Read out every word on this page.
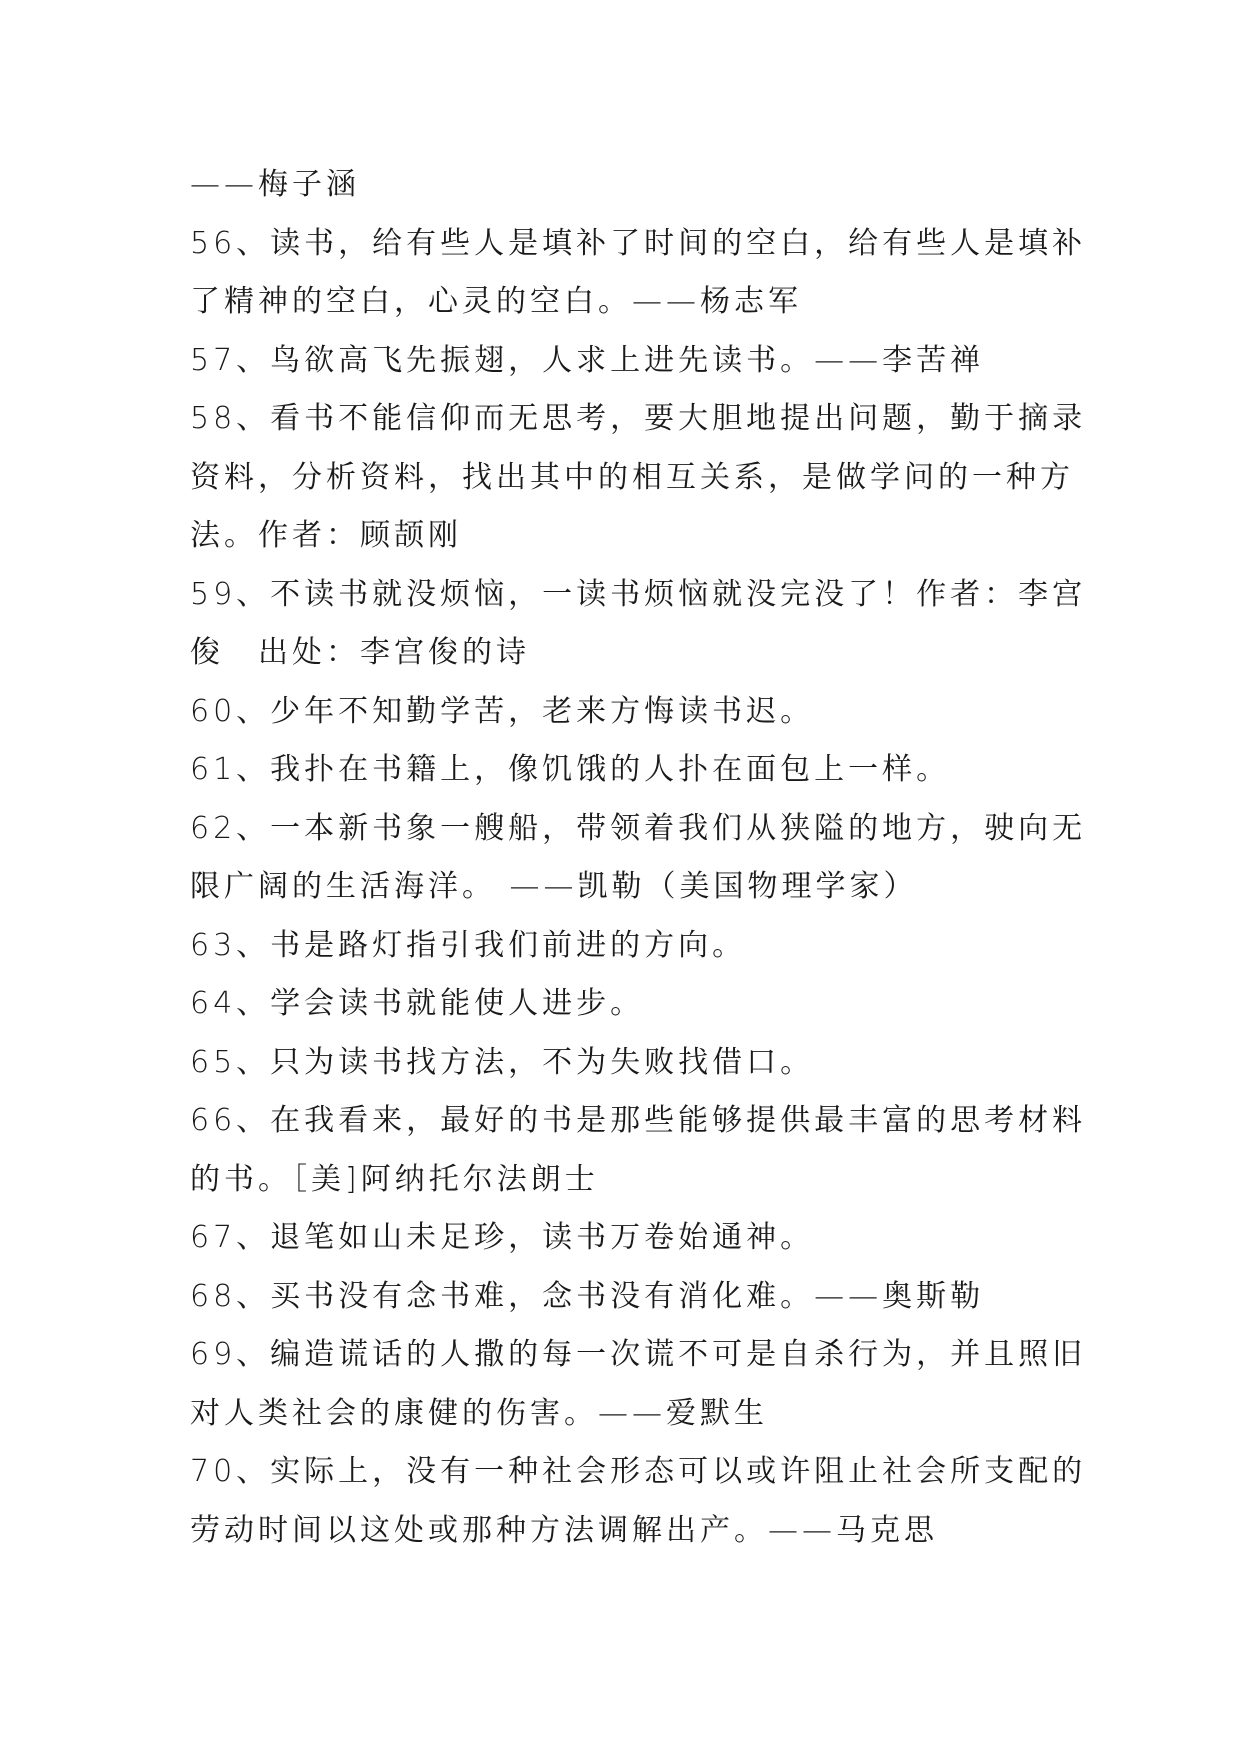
——梅子涵
56、读书，给有些人是填补了时间的空白，给有些人是填补
了精神的空白，心灵的空白。——杨志军
57、鸟欲高飞先振翅，人求上进先读书。——李苦禅
58、看书不能信仰而无思考，要大胆地提出问题，勤于摘录
资料，分析资料，找出其中的相互关系，是做学问的一种方
法。作者：顾颉刚
59、不读书就没烦恼，一读书烦恼就没完没了！作者：李宫
俊　出处：李宫俊的诗
60、少年不知勤学苦，老来方悔读书迟。
61、我扑在书籍上，像饥饿的人扑在面包上一样。
62、一本新书象一艘船，带领着我们从狭隘的地方，驶向无
限广阔的生活海洋。 ——凯勒（美国物理学家）
63、书是路灯指引我们前进的方向。
64、学会读书就能使人进步。
65、只为读书找方法，不为失败找借口。
66、在我看来，最好的书是那些能够提供最丰富的思考材料
的书。［美]阿纳托尔法朗士
67、退笔如山未足珍，读书万卷始通神。
68、买书没有念书难，念书没有消化难。——奥斯勒
69、编造谎话的人撒的每一次谎不可是自杀行为，并且照旧
对人类社会的康健的伤害。——爱默生
70、实际上，没有一种社会形态可以或许阻止社会所支配的
劳动时间以这处或那种方法调解出产。——马克思
